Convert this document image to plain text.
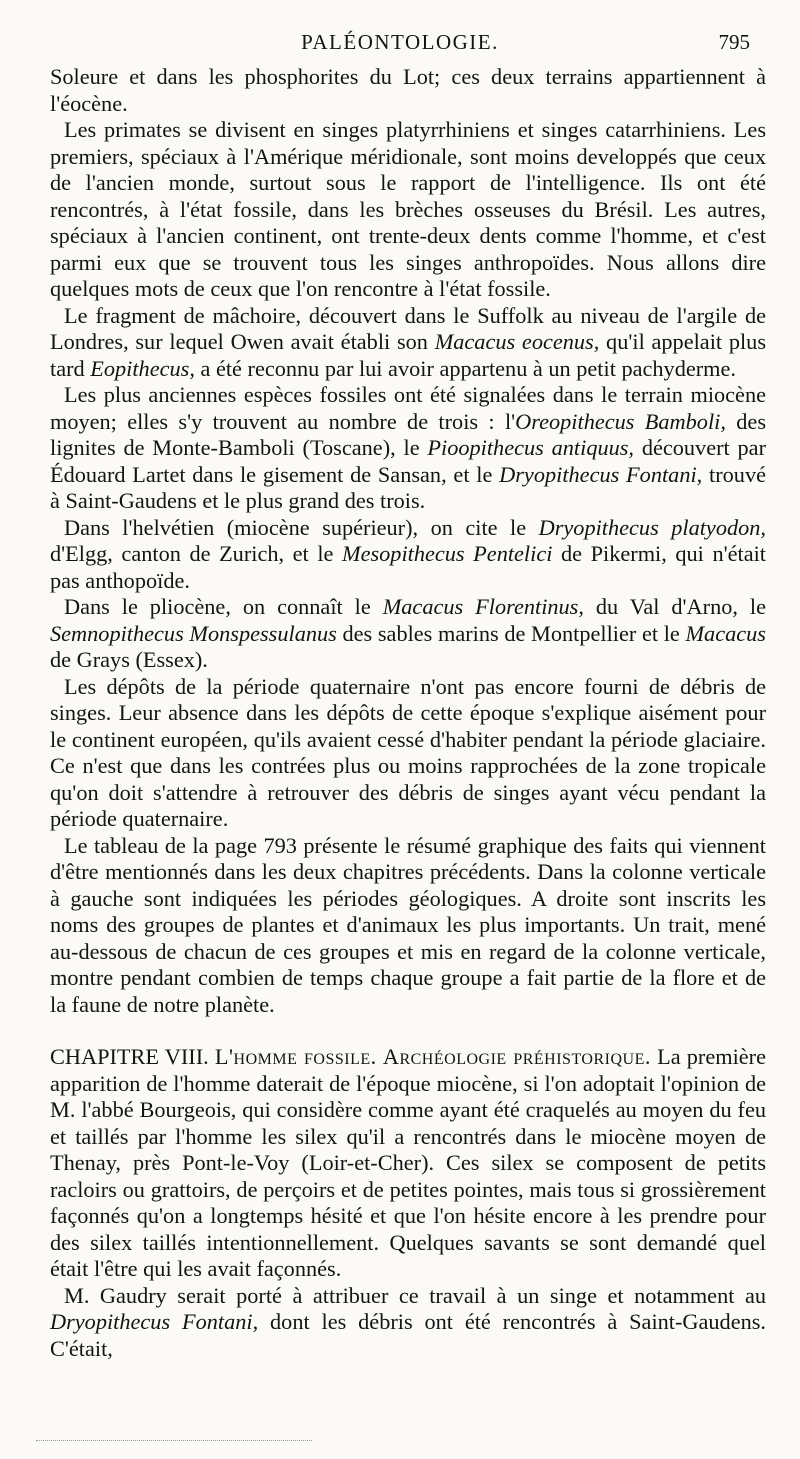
PALÉONTOLOGIE.	795

Soleure et dans les phosphorites du Lot; ces deux terrains appartiennent à l'éocène.

Les primates se divisent en singes platyrrhiniens et singes catarrhiniens. Les premiers, spéciaux à l'Amérique méridionale, sont moins developpés que ceux de l'ancien monde, surtout sous le rapport de l'intelligence. Ils ont été rencontrés, à l'état fossile, dans les brèches osseuses du Brésil. Les autres, spéciaux à l'ancien continent, ont trente-deux dents comme l'homme, et c'est parmi eux que se trouvent tous les singes anthropoïdes. Nous allons dire quelques mots de ceux que l'on rencontre à l'état fossile.

Le fragment de mâchoire, découvert dans le Suffolk au niveau de l'argile de Londres, sur lequel Owen avait établi son Macacus eocenus, qu'il appelait plus tard Eopithecus, a été reconnu par lui avoir appartenu à un petit pachyderme.

Les plus anciennes espèces fossiles ont été signalées dans le terrain miocène moyen; elles s'y trouvent au nombre de trois : l'Oreopithecus Bamboli, des lignites de Monte-Bamboli (Toscane), le Pioopithecus antiquus, découvert par Édouard Lartet dans le gisement de Sansan, et le Dryopithecus Fontani, trouvé à Saint-Gaudens et le plus grand des trois.

Dans l'helvétien (miocène supérieur), on cite le Dryopithecus platyodon, d'Elgg, canton de Zurich, et le Mesopithecus Pentelici de Pikermi, qui n'était pas anthopoïde.

Dans le pliocène, on connaît le Macacus Florentinus, du Val d'Arno, le Semnopithecus Monspessulanus des sables marins de Montpellier et le Macacus de Grays (Essex).

Les dépôts de la période quaternaire n'ont pas encore fourni de débris de singes. Leur absence dans les dépôts de cette époque s'explique aisément pour le continent européen, qu'ils avaient cessé d'habiter pendant la période glaciaire. Ce n'est que dans les contrées plus ou moins rapprochées de la zone tropicale qu'on doit s'attendre à retrouver des débris de singes ayant vécu pendant la période quaternaire.

Le tableau de la page 793 présente le résumé graphique des faits qui viennent d'être mentionnés dans les deux chapitres précédents. Dans la colonne verticale à gauche sont indiquées les périodes géologiques. A droite sont inscrits les noms des groupes de plantes et d'animaux les plus importants. Un trait, mené au-dessous de chacun de ces groupes et mis en regard de la colonne verticale, montre pendant combien de temps chaque groupe a fait partie de la flore et de la faune de notre planète.

CHAPITRE VIII. L'homme fossile. Archéologie préhistorique. La première apparition de l'homme daterait de l'époque miocène, si l'on adoptait l'opinion de M. l'abbé Bourgeois, qui considère comme ayant été craquelés au moyen du feu et taillés par l'homme les silex qu'il a rencontrés dans le miocène moyen de Thenay, près Pont-le-Voy (Loir-et-Cher). Ces silex se composent de petits racloirs ou grattoirs, de perçoirs et de petites pointes, mais tous si grossièrement façonnés qu'on a longtemps hésité et que l'on hésite encore à les prendre pour des silex taillés intentionnellement. Quelques savants se sont demandé quel était l'être qui les avait façonnés.

M. Gaudry serait porté à attribuer ce travail à un singe et notamment au Dryopithecus Fontani, dont les débris ont été rencontrés à Saint-Gaudens. C'était,
